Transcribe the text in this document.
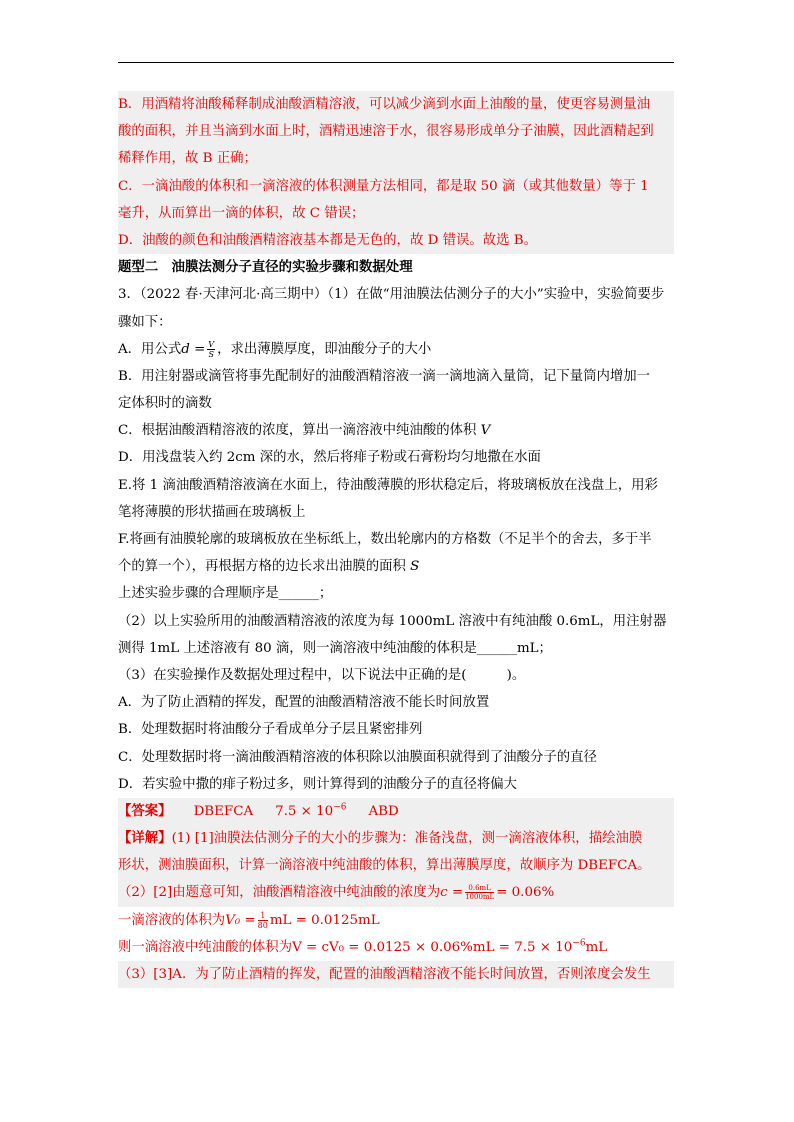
B．用酒精将油酸稀释制成油酸酒精溶液，可以减少滴到水面上油酸的量，使更容易测量油
酸的面积，并且当滴到水面上时，酒精迅速溶于水，很容易形成单分子油膜，因此酒精起到
稀释作用，故 B 正确；
C．一滴油酸的体积和一滴溶液的体积测量方法相同，都是取 50 滴（或其他数量）等于 1
毫升，从而算出一滴的体积，故 C 错误；
D．油酸的颜色和油酸酒精溶液基本都是无色的，故 D 错误。故选 B。
题型二　油膜法测分子直径的实验步骤和数据处理
3．（2022 春·天津河北·高三期中）（1）在做“用油膜法估测分子的大小”实验中，实验简要步
骤如下：
A．用公式$d = \frac{V}{S}$ ，求出薄膜厚度，即油酸分子的大小
B．用注射器或滴管将事先配制好的油酸酒精溶液一滴一滴地滴入量筒，记下量筒内增加一
定体积时的滴数
C．根据油酸酒精溶液的浓度，算出一滴溶液中纯油酸的体积 V
D．用浅盘装入约 2cm 深的水，然后将痱子粉或石膏粉均匀地撒在水面
E.将 1 滴油酸酒精溶液滴在水面上，待油酸薄膜的形状稳定后，将玻璃板放在浅盘上，用彩
笔将薄膜的形状描画在玻璃板上
F.将画有油膜轮廓的玻璃板放在坐标纸上，数出轮廓内的方格数（不足半个的舍去，多于半
个的算一个），再根据方格的边长求出油膜的面积 S
上述实验步骤的合理顺序是______；
（2）以上实验所用的油酸酒精溶液的浓度为每 1000mL 溶液中有纯油酸 0.6mL，用注射器
测得 1mL 上述溶液有 80 滴，则一滴溶液中纯油酸的体积是______mL；
（3）在实验操作及数据处理过程中，以下说法中正确的是(　　　)。
A．为了防止酒精的挥发，配置的油酸酒精溶液不能长时间放置
B．处理数据时将油酸分子看成单分子层且紧密排列
C．处理数据时将一滴油酸酒精溶液的体积除以油膜面积就得到了油酸分子的直径
D．若实验中撒的痱子粉过多，则计算得到的油酸分子的直径将偏大
【答案】 DBEFCA $7.5 \times 10^{-6}$ ABD
【详解】(1) [1]油膜法估测分子的大小的步骤为：准备浅盘，测一滴溶液体积，描绘油膜
形状，测油膜面积，计算一滴溶液中纯油酸的体积，算出薄膜厚度，故顺序为 DBEFCA。
（2）[2]由题意可知，油酸酒精溶液中纯油酸的浓度为$c = \frac{0.6mL}{1000mL} = 0.06\%$
一滴溶液的体积为$V_0 = \frac{1}{80}$ mL = 0.0125mL
则一滴溶液中纯油酸的体积为$V = cV_0 = 0.0125 \times 0.06\%mL = 7.5 \times 10^{-6}mL$
（3）[3]A．为了防止酒精的挥发，配置的油酸酒精溶液不能长时间放置，否则浓度会发生
